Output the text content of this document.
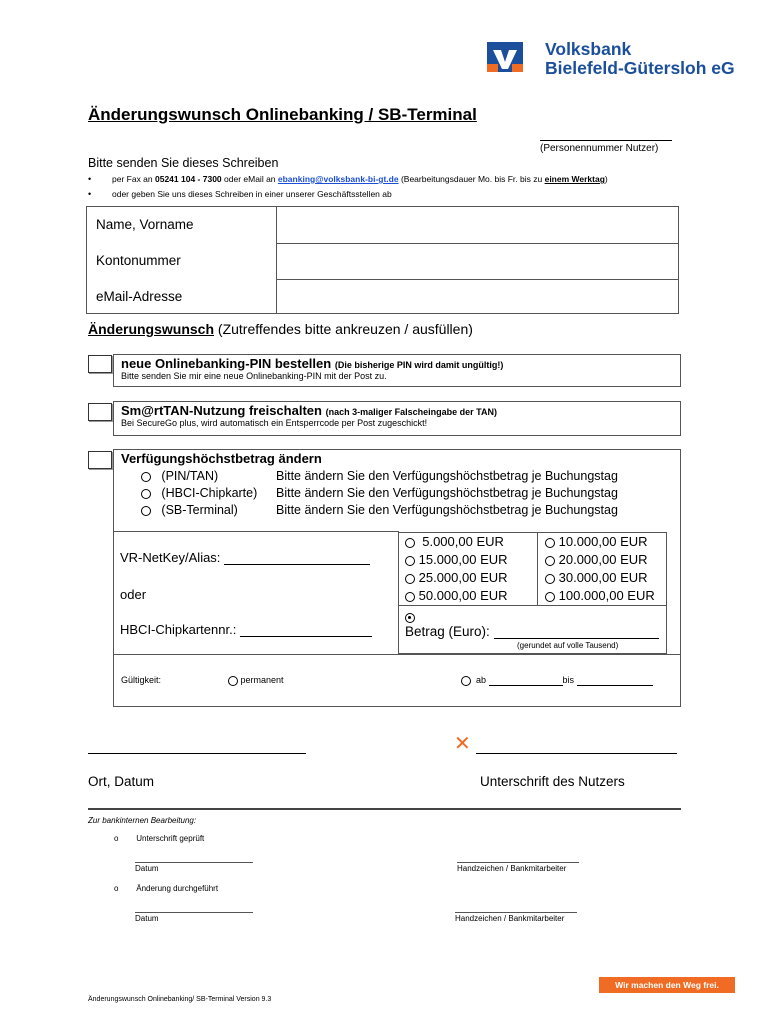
Volksbank
Bielefeld-Gütersloh eG
Änderungswunsch Onlinebanking / SB-Terminal
(Personennummer Nutzer)
Bitte senden Sie dieses Schreiben
• per Fax an 05241 104 - 7300 oder eMail an ebanking@volksbank-bi-gt.de (Bearbeitungsdauer Mo. bis Fr. bis zu einem Werktag)
• oder geben Sie uns dieses Schreiben in einer unserer Geschäftsstellen ab
Name, Vorname
Kontonummer
eMail-Adresse
Änderungswunsch (Zutreffendes bitte ankreuzen / ausfüllen)
neue Onlinebanking-PIN bestellen (Die bisherige PIN wird damit ungültig!)
Bitte senden Sie mir eine neue Onlinebanking-PIN mit der Post zu.
Sm@rtTAN-Nutzung freischalten (nach 3-maliger Falscheingabe der TAN)
Bei SecureGo plus, wird automatisch ein Entsperrcode per Post zugeschickt!
Verfügungshöchstbetrag ändern
(PIN/TAN)	Bitte ändern Sie den Verfügungshöchstbetrag je Buchungstag
(HBCI-Chipkarte) Bitte ändern Sie den Verfügungshöchstbetrag je Buchungstag
(SB-Terminal)	Bitte ändern Sie den Verfügungshöchstbetrag je Buchungstag
VR-NetKey/Alias:
oder
HBCI-Chipkartennr.:
5.000,00 EUR	10.000,00 EUR
15.000,00 EUR	20.000,00 EUR
25.000,00 EUR	30.000,00 EUR
50.000,00 EUR	100.000,00 EUR
Betrag (Euro):
(gerundet auf volle Tausend)
Gültigkeit:	permanent	ab	bis
✕
Ort, Datum	Unterschrift des Nutzers
Zur bankinternen Bearbeitung:
o        Unterschrift geprüft
Datum	Handzeichen / Bankmitarbeiter
o        Änderung durchgeführt
Datum	Handzeichen / Bankmitarbeiter
Wir machen den Weg frei.
Änderungswunsch Onlinebanking/ SB-Terminal Version 9.3
